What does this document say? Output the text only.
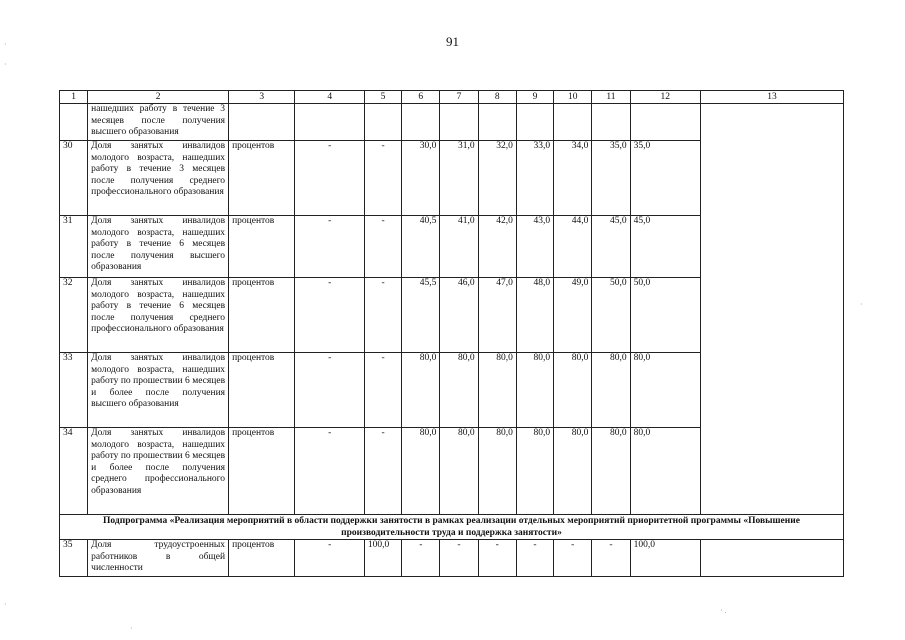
91
1	2	3	4	5	6	7	8	9	10	11	12	13
	нашедших работу в течение 3 месяцев после получения высшего образования											
30	Доля занятых инвалидов молодого возраста, нашедших работу в течение 3 месяцев после получения среднего профессионального образования	процентов	-	-	30,0	31,0	32,0	33,0	34,0	35,0	35,0	
31	Доля занятых инвалидов молодого возраста, нашедших работу в течение 6 месяцев после получения высшего образования	процентов	-	-	40,5	41,0	42,0	43,0	44,0	45,0	45,0	
32	Доля занятых инвалидов молодого возраста, нашедших работу в течение 6 месяцев после получения среднего профессионального образования	процентов	-	-	45,5	46,0	47,0	48,0	49,0	50,0	50,0	
33	Доля занятых инвалидов молодого возраста, нашедших работу по прошествии 6 месяцев и более после получения высшего образования	процентов	-	-	80,0	80,0	80,0	80,0	80,0	80,0	80,0	
34	Доля занятых инвалидов молодого возраста, нашедших работу по прошествии 6 месяцев и более после получения среднего профессионального образования	процентов	-	-	80,0	80,0	80,0	80,0	80,0	80,0	80,0	
Подпрограмма «Реализация мероприятий в области поддержки занятости в рамках реализации отдельных мероприятий приоритетной программы «Повышение производительности труда и поддержка занятости»												
35	Доля трудоустроенных работников в общей численности	процентов	-	100,0	-	-	-	-	-	-	100,0	
·
·
·
·
· .
·
